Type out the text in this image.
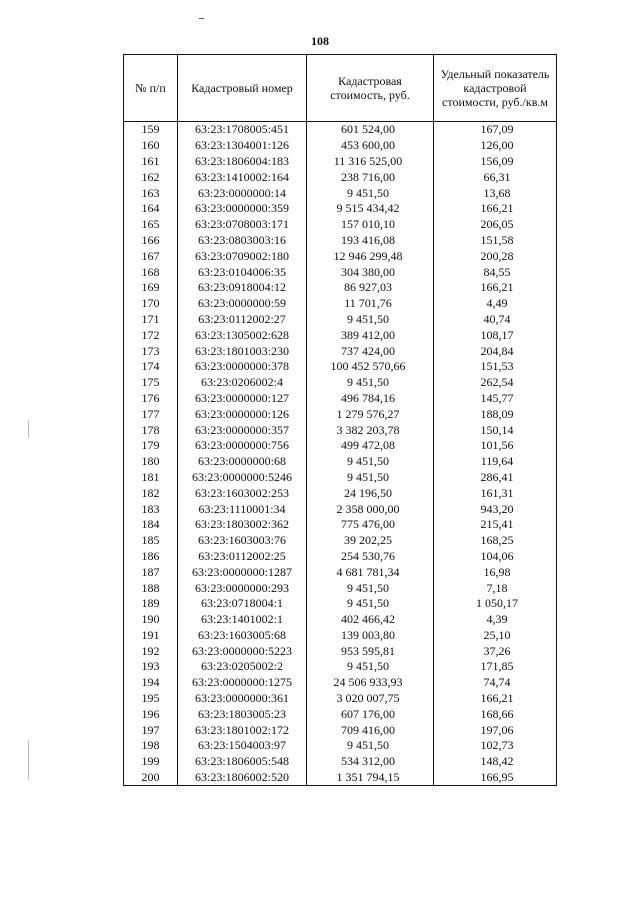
108
№ п/п	Кадастровый номер	Кадастровая стоимость, руб.	Удельный показатель кадастровой стоимости, руб./кв.м
159	63:23:1708005:451	601 524,00	167,09
160	63:23:1304001:126	453 600,00	126,00
161	63:23:1806004:183	11 316 525,00	156,09
162	63:23:1410002:164	238 716,00	66,31
163	63:23:0000000:14	9 451,50	13,68
164	63:23:0000000:359	9 515 434,42	166,21
165	63:23:0708003:171	157 010,10	206,05
166	63:23:0803003:16	193 416,08	151,58
167	63:23:0709002:180	12 946 299,48	200,28
168	63:23:0104006:35	304 380,00	84,55
169	63:23:0918004:12	86 927,03	166,21
170	63:23:0000000:59	11 701,76	4,49
171	63:23:0112002:27	9 451,50	40,74
172	63:23:1305002:628	389 412,00	108,17
173	63:23:1801003:230	737 424,00	204,84
174	63:23:0000000:378	100 452 570,66	151,53
175	63:23:0206002:4	9 451,50	262,54
176	63:23:0000000:127	496 784,16	145,77
177	63:23:0000000:126	1 279 576,27	188,09
178	63:23:0000000:357	3 382 203,78	150,14
179	63:23:0000000:756	499 472,08	101,56
180	63:23:0000000:68	9 451,50	119,64
181	63:23:0000000:5246	9 451,50	286,41
182	63:23:1603002:253	24 196,50	161,31
183	63:23:1110001:34	2 358 000,00	943,20
184	63:23:1803002:362	775 476,00	215,41
185	63:23:1603003:76	39 202,25	168,25
186	63:23:0112002:25	254 530,76	104,06
187	63:23:0000000:1287	4 681 781,34	16,98
188	63:23:0000000:293	9 451,50	7,18
189	63:23:0718004:1	9 451,50	1 050,17
190	63:23:1401002:1	402 466,42	4,39
191	63:23:1603005:68	139 003,80	25,10
192	63:23:0000000:5223	953 595,81	37,26
193	63:23:0205002:2	9 451,50	171,85
194	63:23:0000000:1275	24 506 933,93	74,74
195	63:23:0000000:361	3 020 007,75	166,21
196	63:23:1803005:23	607 176,00	168,66
197	63:23:1801002:172	709 416,00	197,06
198	63:23:1504003:97	9 451,50	102,73
199	63:23:1806005:548	534 312,00	148,42
200	63:23:1806002:520	1 351 794,15	166,95
